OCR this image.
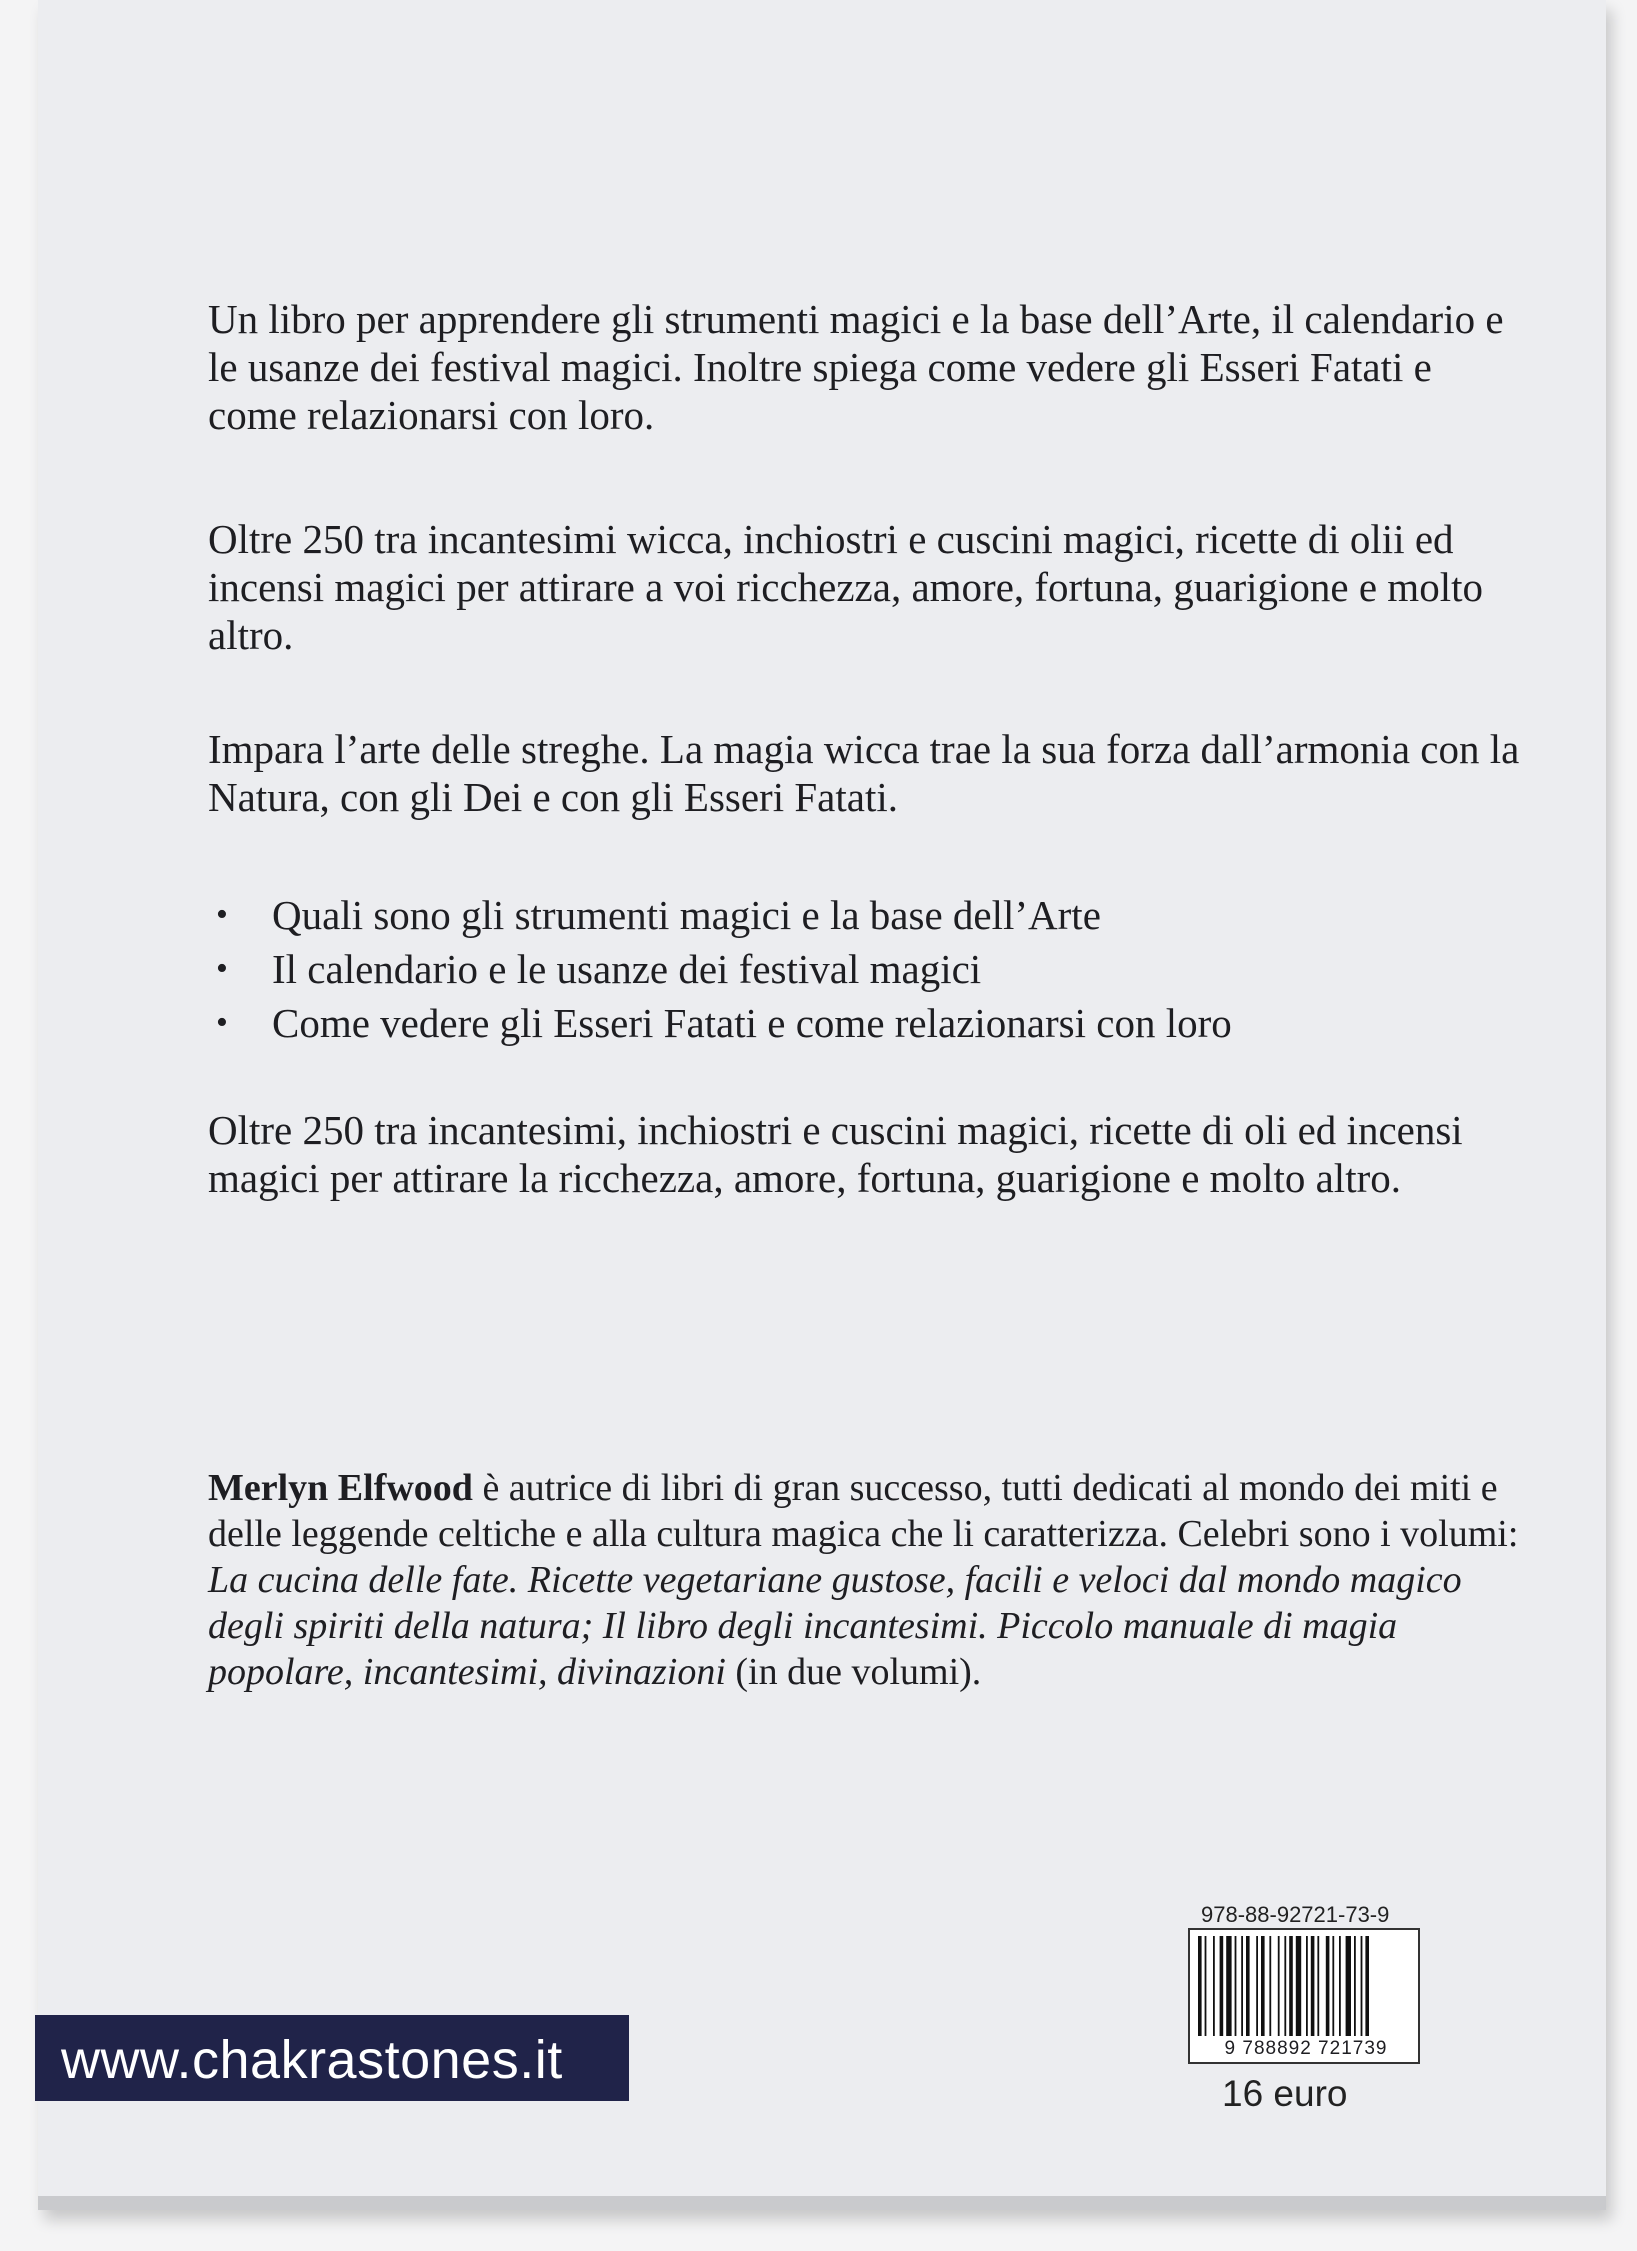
Un libro per apprendere gli strumenti magici e la base dell’Arte, il calendario e le usanze dei festival magici. Inoltre spiega come vedere gli Esseri Fatati e come relazionarsi con loro.

Oltre 250 tra incantesimi wicca, inchiostri e cuscini magici, ricette di olii ed incensi magici per attirare a voi ricchezza, amore, fortuna, guarigione e molto altro.

Impara l’arte delle streghe. La magia wicca trae la sua forza dall’armonia con la Natura, con gli Dei e con gli Esseri Fatati.

• Quali sono gli strumenti magici e la base dell’Arte
• Il calendario e le usanze dei festival magici
• Come vedere gli Esseri Fatati e come relazionarsi con loro

Oltre 250 tra incantesimi, inchiostri e cuscini magici, ricette di oli ed incensi magici per attirare la ricchezza, amore, fortuna, guarigione e molto altro.

Merlyn Elfwood è autrice di libri di gran successo, tutti dedicati al mondo dei miti e delle leggende celtiche e alla cultura magica che li caratterizza. Celebri sono i volumi: La cucina delle fate. Ricette vegetariane gustose, facili e veloci dal mondo magico degli spiriti della natura; Il libro degli incantesimi. Piccolo manuale di magia popolare, incantesimi, divinazioni (in due volumi).

978-88-92721-73-9
9 788892 721739
16 euro
www.chakrastones.it
